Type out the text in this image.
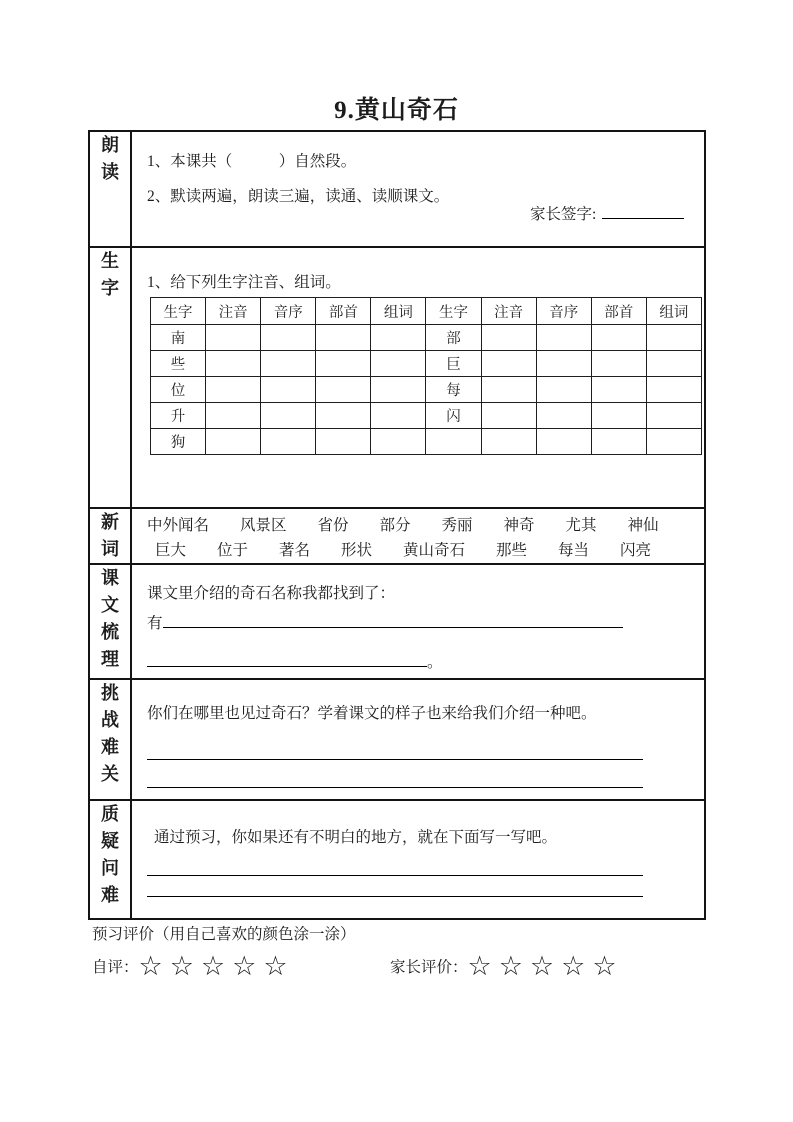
9.黄山奇石
朗读	
1、本课共（　　　）自然段。
2、默读两遍，朗读三遍，读通、读顺课文。
家长签字:

生字	1、给下列生字注音、组词。
生字	注音	音序	部首	组词	生字	注音	音序	部首	组词
南					部				
些					巨				
位					每				
升					闪				
狗									

新词	
中外闻名　　风景区　　省份　　部分　　秀丽　　神奇　　尤其　　神仙
巨大　　位于　　著名　　形状　　黄山奇石　　那些　　每当　　闪亮

课文梳理	
课文里介绍的奇石名称我都找到了：
有
。

挑战难关	
你们在哪里也见过奇石？学着课文的样子也来给我们介绍一种吧。

质疑问难	
通过预习，你如果还有不明白的地方，就在下面写一写吧。
预习评价（用自己喜欢的颜色涂一涂）
自评： ☆☆☆☆☆	家长评价： ☆☆☆☆☆
